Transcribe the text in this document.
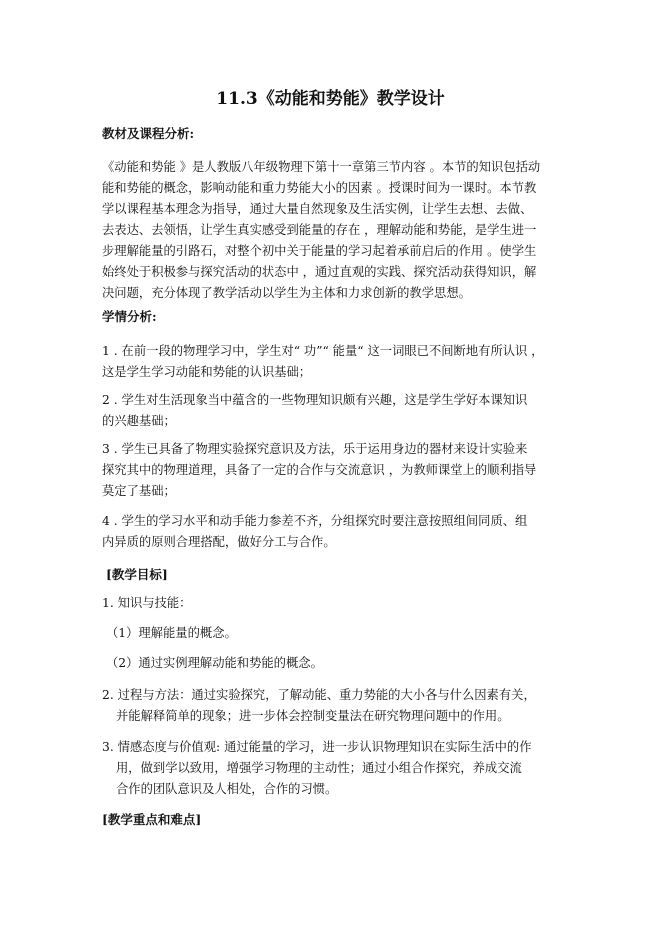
11.3《动能和势能》教学设计
教材及课程分析:
《动能和势能 》是人教版八年级物理下第十一章第三节内容 。本节的知识包括动
能和势能的概念，影响动能和重力势能大小的因素 。授课时间为一课时。本节教
学以课程基本理念为指导，通过大量自然现象及生活实例，让学生去想、去做、
去表达、去领悟，让学生真实感受到能量的存在 ，理解动能和势能，是学生进一
步理解能量的引路石，对整个初中关于能量的学习起着承前启后的作用 。使学生
始终处于积极参与探究活动的状态中 ，通过直观的实践、探究活动获得知识，解
决问题，充分体现了教学活动以学生为主体和力求创新的教学思想。
学情分析:
1 . 在前一段的物理学习中，学生对“ 功”“ 能量“ 这一词眼已不间断地有所认识 ，
这是学生学习动能和势能的认识基础；
2 . 学生对生活现象当中蕴含的一些物理知识颇有兴趣，这是学生学好本课知识
的兴趣基础；
3 . 学生已具备了物理实验探究意识及方法，乐于运用身边的器材来设计实验来
探究其中的物理道理，具备了一定的合作与交流意识 ，为教师课堂上的顺利指导
莫定了基础；
4 . 学生的学习水平和动手能力参差不齐，分组探究时要注意按照组间同质、组
内异质的原则合理搭配，做好分工与合作。
[教学目标]
1. 知识与技能：
（1）理解能量的概念。
（2）通过实例理解动能和势能的概念。
2. 过程与方法：通过实验探究，了解动能、重力势能的大小各与什么因素有关，
并能解释简单的现象；进一步体会控制变量法在研究物理问题中的作用。
3. 情感态度与价值观: 通过能量的学习，进一步认识物理知识在实际生活中的作
用，做到学以致用，增强学习物理的主动性；通过小组合作探究，养成交流
合作的团队意识及人相处，合作的习惯。
[教学重点和难点]
